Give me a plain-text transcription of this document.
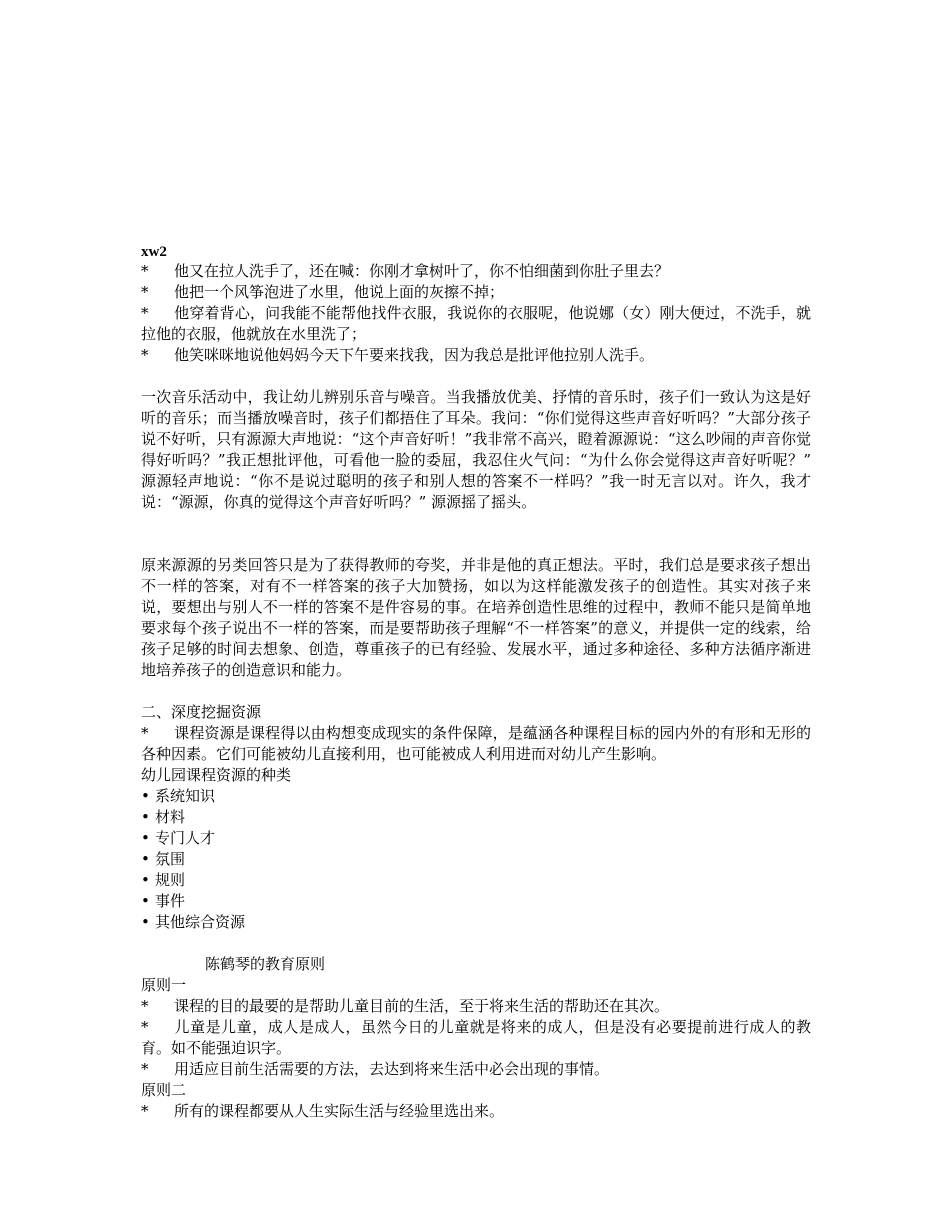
xw2

* 他又在拉人洗手了，还在喊：你刚才拿树叶了，你不怕细菌到你肚子里去？

* 他把一个风筝泡进了水里，他说上面的灰擦不掉；

* 他穿着背心，问我能不能帮他找件衣服，我说你的衣服呢，他说娜（女）刚大便过，不洗手，就拉他的衣服，他就放在水里洗了；

* 他笑咪咪地说他妈妈今天下午要来找我，因为我总是批评他拉别人洗手。

一次音乐活动中，我让幼儿辨别乐音与噪音。当我播放优美、抒情的音乐时，孩子们一致认为这是好听的音乐；而当播放噪音时，孩子们都捂住了耳朵。我问：“你们觉得这些声音好听吗？”大部分孩子说不好听，只有源源大声地说：“这个声音好听！”我非常不高兴，瞪着源源说：“这么吵闹的声音你觉得好听吗？”我正想批评他，可看他一脸的委屈，我忍住火气问：“为什么你会觉得这声音好听呢？” 源源轻声地说：“你不是说过聪明的孩子和别人想的答案不一样吗？”我一时无言以对。许久，我才说：“源源，你真的觉得这个声音好听吗？” 源源摇了摇头。

原来源源的另类回答只是为了获得教师的夸奖，并非是他的真正想法。平时，我们总是要求孩子想出不一样的答案，对有不一样答案的孩子大加赞扬，如以为这样能激发孩子的创造性。其实对孩子来说，要想出与别人不一样的答案不是件容易的事。在培养创造性思维的过程中，教师不能只是简单地要求每个孩子说出不一样的答案，而是要帮助孩子理解“不一样答案”的意义，并提供一定的线索，给孩子足够的时间去想象、创造，尊重孩子的已有经验、发展水平，通过多种途径、多种方法循序渐进地培养孩子的创造意识和能力。

二、深度挖掘资源

* 课程资源是课程得以由构想变成现实的条件保障，是蕴涵各种课程目标的园内外的有形和无形的各种因素。它们可能被幼儿直接利用，也可能被成人利用进而对幼儿产生影响。

幼儿园课程资源的种类

• 系统知识

• 材料

• 专门人才

• 氛围

• 规则

• 事件

• 其他综合资源

陈鹤琴的教育原则

原则一

* 课程的目的最要的是帮助儿童目前的生活，至于将来生活的帮助还在其次。

* 儿童是儿童，成人是成人，虽然今日的儿童就是将来的成人，但是没有必要提前进行成人的教育。如不能强迫识字。

* 用适应目前生活需要的方法，去达到将来生活中必会出现的事情。

原则二

* 所有的课程都要从人生实际生活与经验里选出来。
